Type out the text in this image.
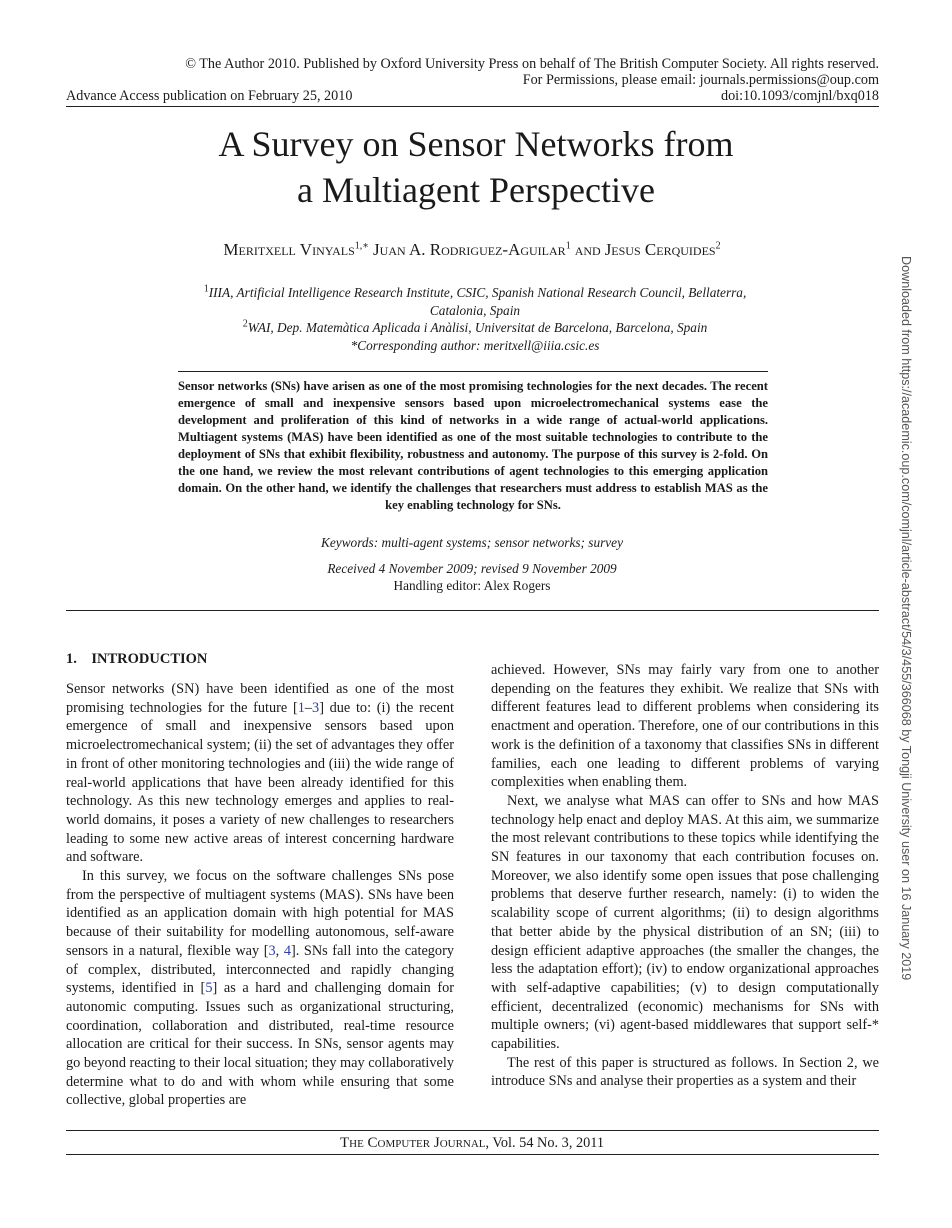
© The Author 2010. Published by Oxford University Press on behalf of The British Computer Society. All rights reserved.
For Permissions, please email: journals.permissions@oup.com
Advance Access publication on February 25, 2010	doi:10.1093/comjnl/bxq018
A Survey on Sensor Networks from
a Multiagent Perspective
Meritxell Vinyals$^{1,∗}$ Juan A. Rodriguez-Aguilar$^1$ and Jesus Cerquides$^2$
$^1$IIIA, Artificial Intelligence Research Institute, CSIC, Spanish National Research Council, Bellaterra,
Catalonia, Spain
$^2$WAI, Dep. Matemàtica Aplicada i Anàlisi, Universitat de Barcelona, Barcelona, Spain
*Corresponding author: meritxell@iiia.csic.es
Sensor networks (SNs) have arisen as one of the most promising technologies for the next decades. The recent emergence of small and inexpensive sensors based upon microelectromechanical systems ease the development and proliferation of this kind of networks in a wide range of actual-world applications. Multiagent systems (MAS) have been identified as one of the most suitable technologies to contribute to the deployment of SNs that exhibit flexibility, robustness and autonomy. The purpose of this survey is 2-fold. On the one hand, we review the most relevant contributions of agent technologies to this emerging application domain. On the other hand, we identify the challenges that researchers must address to establish MAS as the key enabling technology for SNs.
Keywords: multi-agent systems; sensor networks; survey
Received 4 November 2009; revised 9 November 2009
Handling editor: Alex Rogers
1. INTRODUCTION

Sensor networks (SN) have been identified as one of the most promising technologies for the future [1–3] due to: (i) the recent emergence of small and inexpensive sensors based upon microelectromechanical system; (ii) the set of advantages they offer in front of other monitoring technologies and (iii) the wide range of real-world applications that have been already identified for this technology. As this new technology emerges and applies to real-world domains, it poses a variety of new challenges to researchers leading to some new active areas of interest concerning hardware and software.

In this survey, we focus on the software challenges SNs pose from the perspective of multiagent systems (MAS). SNs have been identified as an application domain with high potential for MAS because of their suitability for modelling autonomous, self-aware sensors in a natural, flexible way [3, 4]. SNs fall into the category of complex, distributed, interconnected and rapidly changing systems, identified in [5] as a hard and challenging domain for autonomic computing. Issues such as organizational structuring, coordination, collaboration and distributed, real-time resource allocation are critical for their success. In SNs, sensor agents may go beyond reacting to their local situation; they may collaboratively determine what to do and with whom while ensuring that some collective, global properties are

achieved. However, SNs may fairly vary from one to another depending on the features they exhibit. We realize that SNs with different features lead to different problems when considering its enactment and operation. Therefore, one of our contributions in this work is the definition of a taxonomy that classifies SNs in different families, each one leading to different problems of varying complexities when enabling them.

Next, we analyse what MAS can offer to SNs and how MAS technology help enact and deploy MAS. At this aim, we summarize the most relevant contributions to these topics while identifying the SN features in our taxonomy that each contribution focuses on. Moreover, we also identify some open issues that pose challenging problems that deserve further research, namely: (i) to widen the scalability scope of current algorithms; (ii) to design algorithms that better abide by the physical distribution of an SN; (iii) to design efficient adaptive approaches (the smaller the changes, the less the adaptation effort); (iv) to endow organizational approaches with self-adaptive capabilities; (v) to design computationally efficient, decentralized (economic) mechanisms for SNs with multiple owners; (vi) agent-based middlewares that support self-* capabilities.

The rest of this paper is structured as follows. In Section 2, we introduce SNs and analyse their properties as a system and their

Downloaded from https://academic.oup.com/comjnl/article-abstract/54/3/455/366068 by Tongji University user on 16 January 2019
The Computer Journal, Vol. 54 No. 3, 2011
